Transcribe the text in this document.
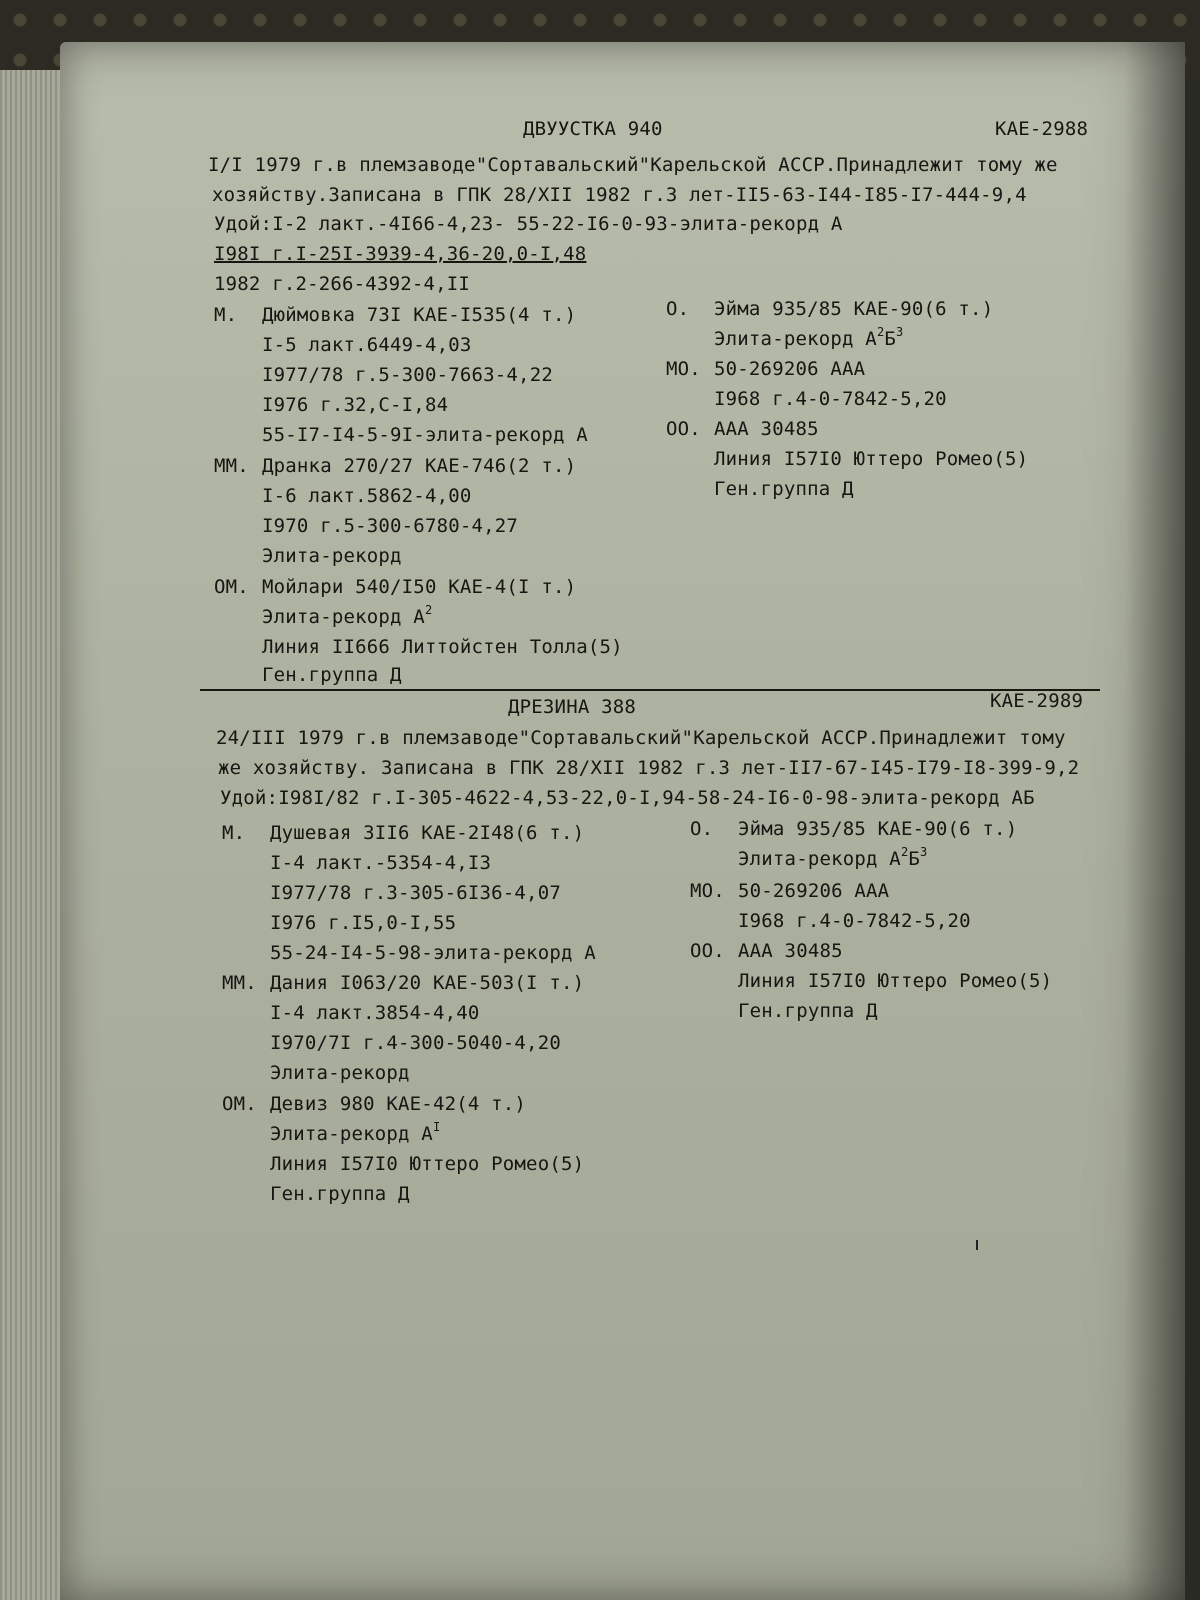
ДВУУСТКА 940	КАЕ-2988
I/I 1979 г.в племзаводе"Сортавальский"Карельской АССР.Принадлежит тому же
хозяйству.Записана в ГПК 28/XII 1982 г.3 лет-II5-63-I44-I85-I7-444-9,4
Удой:I-2 лакт.-4I66-4,23- 55-22-I6-0-93-элита-рекорд А
I98I г.I-25I-3939-4,36-20,0-I,48
1982 г.2-266-4392-4,II
М. Дюймовка 73I КАЕ-I535(4 т.)
I-5 лакт.6449-4,03
I977/78 г.5-300-7663-4,22
I976 г.32,С-I,84
55-I7-I4-5-9I-элита-рекорд А
ММ. Дранка 270/27 КАЕ-746(2 т.)
I-6 лакт.5862-4,00
I970 г.5-300-6780-4,27
Элита-рекорд
ОМ. Мойлари 540/I50 КАЕ-4(I т.)
Элита-рекорд $А^2$
Линия II666 Литтойстен Толла(5)
Ген.группа Д
О. Эйма 935/85 КАЕ-90(6 т.)
Элита-рекорд $А^2Б^3$
МО. 50-269206 ААА
I968 г.4-0-7842-5,20
ОО. ААА 30485
Линия I57I0 Юттеро Ромео(5)
Ген.группа Д
ДРЕЗИНА 388	КАЕ-2989
24/III 1979 г.в племзаводе"Сортавальский"Карельской АССР.Принадлежит тому
же хозяйству. Записана в ГПК 28/XII 1982 г.3 лет-II7-67-I45-I79-I8-399-9,2
Удой:I98I/82 г.I-305-4622-4,53-22,0-I,94-58-24-I6-0-98-элита-рекорд АБ
М. Душевая 3II6 КАЕ-2I48(6 т.)
I-4 лакт.-5354-4,I3
I977/78 г.3-305-6I36-4,07
I976 г.I5,0-I,55
55-24-I4-5-98-элита-рекорд А
ММ. Дания I063/20 КАЕ-503(I т.)
I-4 лакт.3854-4,40
I970/7I г.4-300-5040-4,20
Элита-рекорд
ОМ. Девиз 980 КАЕ-42(4 т.)
Элита-рекорд $А^I$
Линия I57I0 Юттеро Ромео(5)
Ген.группа Д
О. Эйма 935/85 КАЕ-90(6 т.)
Элита-рекорд $А^2Б^3$
МО. 50-269206 ААА
I968 г.4-0-7842-5,20
ОО. ААА 30485
Линия I57I0 Юттеро Ромео(5)
Ген.группа Д
